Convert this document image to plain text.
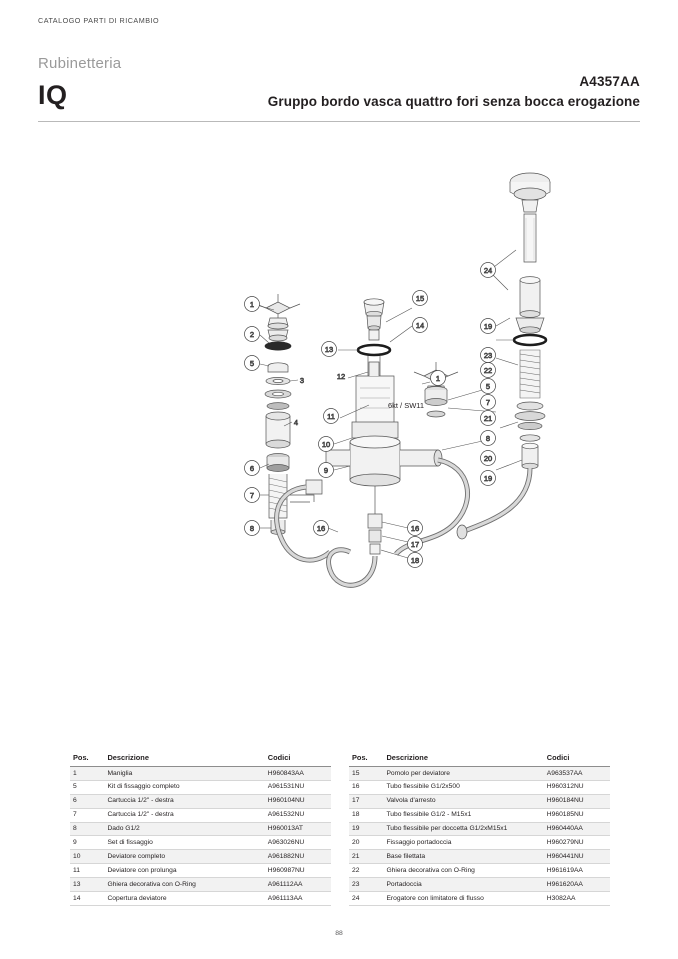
CATALOGO PARTI DI RICAMBIO
Rubinetteria
IQ	A4357AA
Gruppo bordo vasca quattro fori senza bocca erogazione
1
2
5
3
4
6
7
8
9
10
11
12
13
14
15
16	16
17
18
1
24
19
23
22
5
7
21
8
20
19
6kt / SW11
Pos.	Descrizione	Codici
1	Maniglia	H960843AA
5	Kit di fissaggio completo	A961531NU
6	Cartuccia 1/2" - destra	H960104NU
7	Cartuccia 1/2" - destra	A961532NU
8	Dado G1/2	H960013AT
9	Set di fissaggio	A963026NU
10	Deviatore completo	A961882NU
11	Deviatore con prolunga	H960987NU
13	Ghiera decorativa con O-Ring	A961112AA
14	Copertura deviatore	A961113AA
Pos.	Descrizione	Codici
15	Pomolo per deviatore	A963537AA
16	Tubo flessibile G1/2x500	H960312NU
17	Valvola d'arresto	H960184NU
18	Tubo flessibile G1/2 - M15x1	H960185NU
19	Tubo flessibile per doccetta G1/2xM15x1	H960440AA
20	Fissaggio portadoccia	H960279NU
21	Base filettata	H960441NU
22	Ghiera decorativa con O-Ring	H961619AA
23	Portadoccia	H961620AA
24	Erogatore con limitatore di flusso	H3082AA
88
